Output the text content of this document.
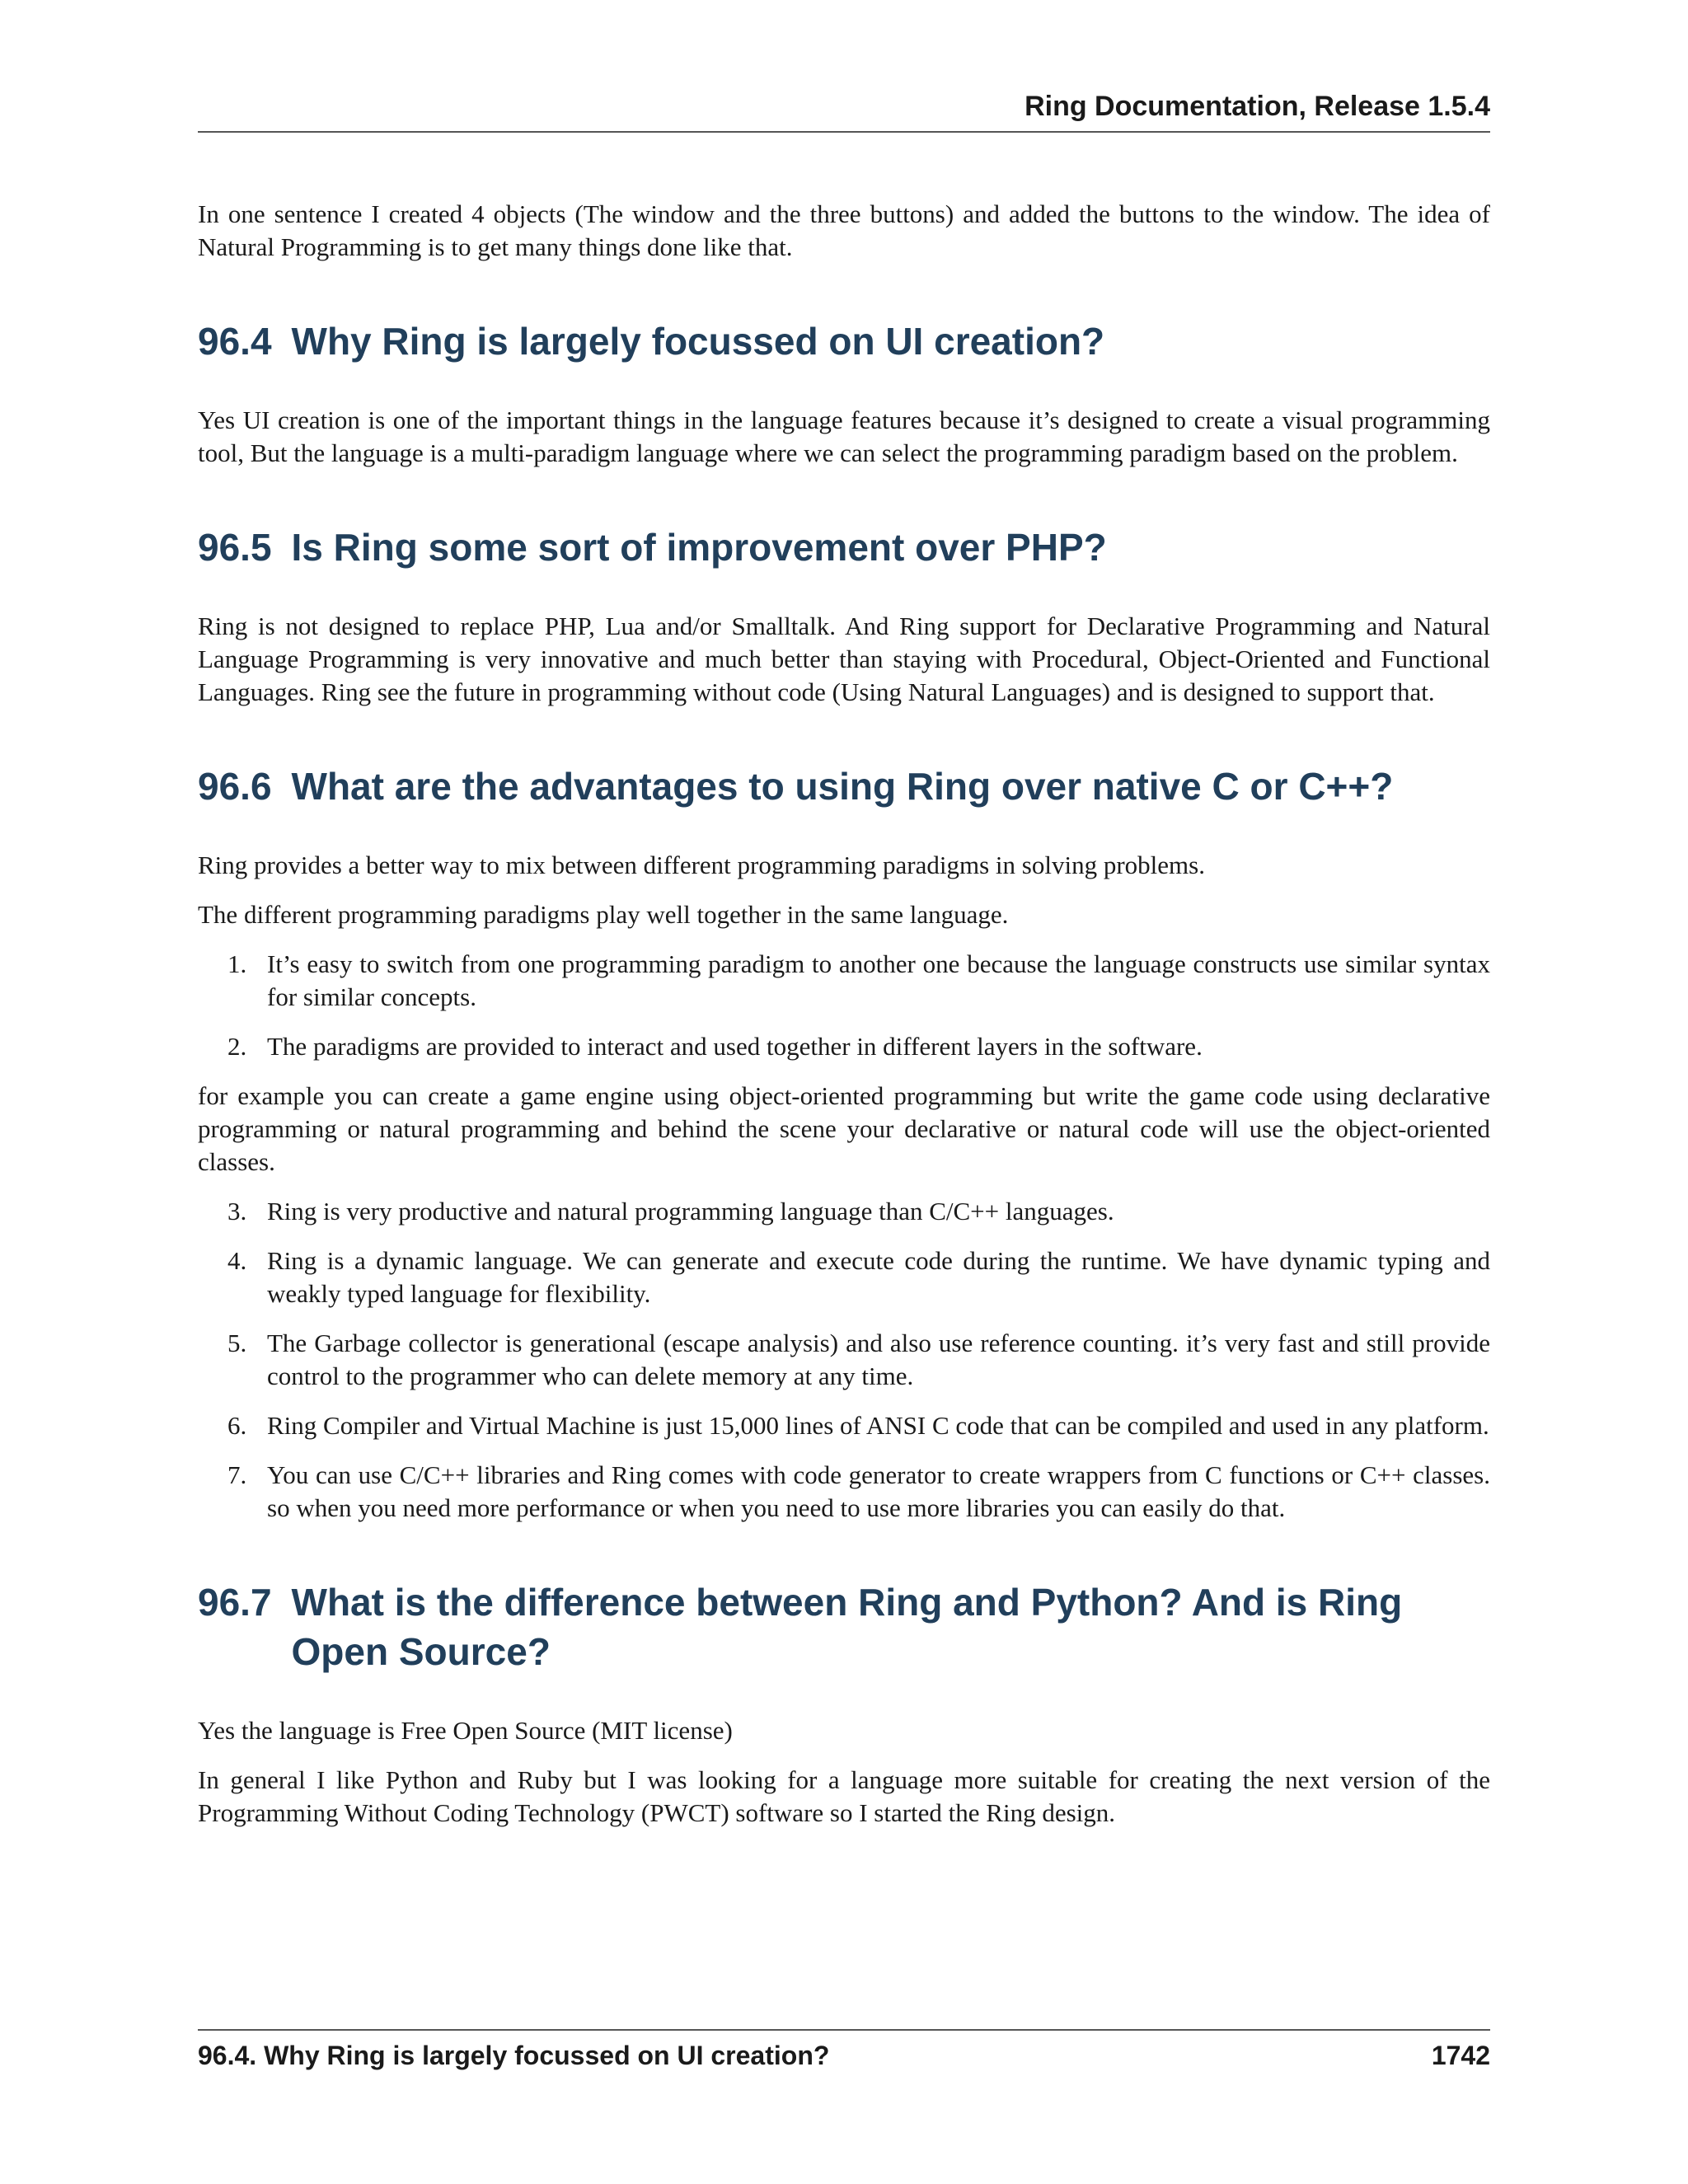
Ring Documentation, Release 1.5.4

In one sentence I created 4 objects (The window and the three buttons) and added the buttons to the window. The idea of Natural Programming is to get many things done like that.

96.4 Why Ring is largely focussed on UI creation?

Yes UI creation is one of the important things in the language features because it’s designed to create a visual programming tool, But the language is a multi-paradigm language where we can select the programming paradigm based on the problem.

96.5 Is Ring some sort of improvement over PHP?

Ring is not designed to replace PHP, Lua and/or Smalltalk. And Ring support for Declarative Programming and Natural Language Programming is very innovative and much better than staying with Procedural, Object-Oriented and Functional Languages. Ring see the future in programming without code (Using Natural Languages) and is designed to support that.

96.6 What are the advantages to using Ring over native C or C++?

Ring provides a better way to mix between different programming paradigms in solving problems.

The different programming paradigms play well together in the same language.

1. It’s easy to switch from one programming paradigm to another one because the language constructs use similar syntax for similar concepts.
2. The paradigms are provided to interact and used together in different layers in the software.

for example you can create a game engine using object-oriented programming but write the game code using declarative programming or natural programming and behind the scene your declarative or natural code will use the object-oriented classes.

3. Ring is very productive and natural programming language than C/C++ languages.
4. Ring is a dynamic language. We can generate and execute code during the runtime. We have dynamic typing and weakly typed language for flexibility.
5. The Garbage collector is generational (escape analysis) and also use reference counting. it’s very fast and still provide control to the programmer who can delete memory at any time.
6. Ring Compiler and Virtual Machine is just 15,000 lines of ANSI C code that can be compiled and used in any platform.
7. You can use C/C++ libraries and Ring comes with code generator to create wrappers from C functions or C++ classes. so when you need more performance or when you need to use more libraries you can easily do that.
96.7 What is the difference between Ring and Python? And is Ring Open Source?

Yes the language is Free Open Source (MIT license)

In general I like Python and Ruby but I was looking for a language more suitable for creating the next version of the Programming Without Coding Technology (PWCT) software so I started the Ring design.

96.4. Why Ring is largely focussed on UI creation?	1742
